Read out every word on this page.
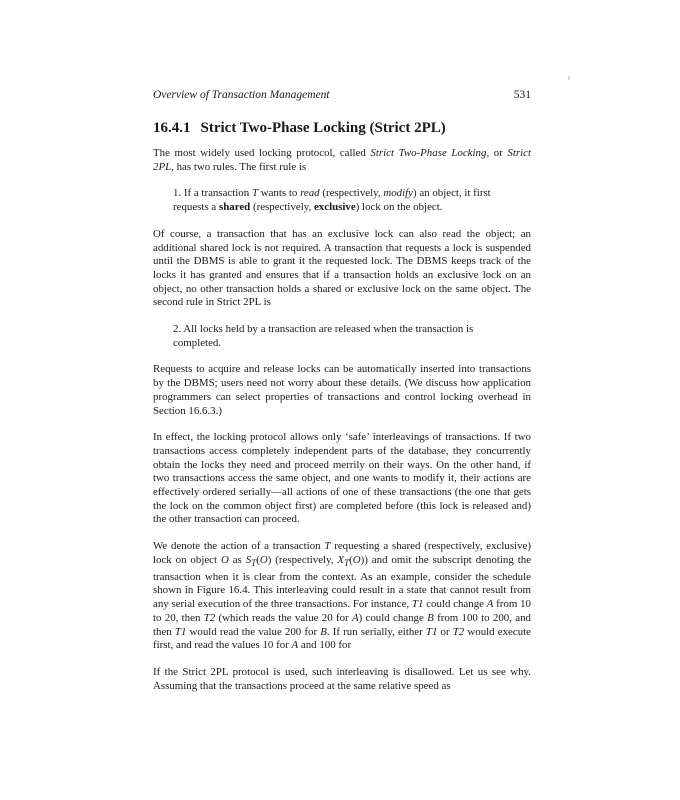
r
Overview of Transaction Management	531
16.4.1 Strict Two-Phase Locking (Strict 2PL)

The most widely used locking protocol, called Strict Two-Phase Locking, or Strict 2PL, has two rules. The first rule is

1. If a transaction T wants to read (respectively, modify) an object, it first requests a shared (respectively, exclusive) lock on the object.

Of course, a transaction that has an exclusive lock can also read the object; an additional shared lock is not required. A transaction that requests a lock is suspended until the DBMS is able to grant it the requested lock. The DBMS keeps track of the locks it has granted and ensures that if a transaction holds an exclusive lock on an object, no other transaction holds a shared or exclusive lock on the same object. The second rule in Strict 2PL is

2. All locks held by a transaction are released when the transaction is completed.

Requests to acquire and release locks can be automatically inserted into transactions by the DBMS; users need not worry about these details. (We discuss how application programmers can select properties of transactions and control locking overhead in Section 16.6.3.)

In effect, the locking protocol allows only ‘safe’ interleavings of transactions. If two transactions access completely independent parts of the database, they concurrently obtain the locks they need and proceed merrily on their ways. On the other hand, if two transactions access the same object, and one wants to modify it, their actions are effectively ordered serially—all actions of one of these transactions (the one that gets the lock on the common object first) are completed before (this lock is released and) the other transaction can proceed.

We denote the action of a transaction T requesting a shared (respectively, exclusive) lock on object O as $S_T(O)$ (respectively, $X_T(O)$) and omit the subscript denoting the transaction when it is clear from the context. As an example, consider the schedule shown in Figure 16.4. This interleaving could result in a state that cannot result from any serial execution of the three transactions. For instance, T1 could change A from 10 to 20, then T2 (which reads the value 20 for A) could change B from 100 to 200, and then T1 would read the value 200 for B. If run serially, either T1 or T2 would execute first, and read the values 10 for A and 100 for

If the Strict 2PL protocol is used, such interleaving is disallowed. Let us see why. Assuming that the transactions proceed at the same relative speed as
